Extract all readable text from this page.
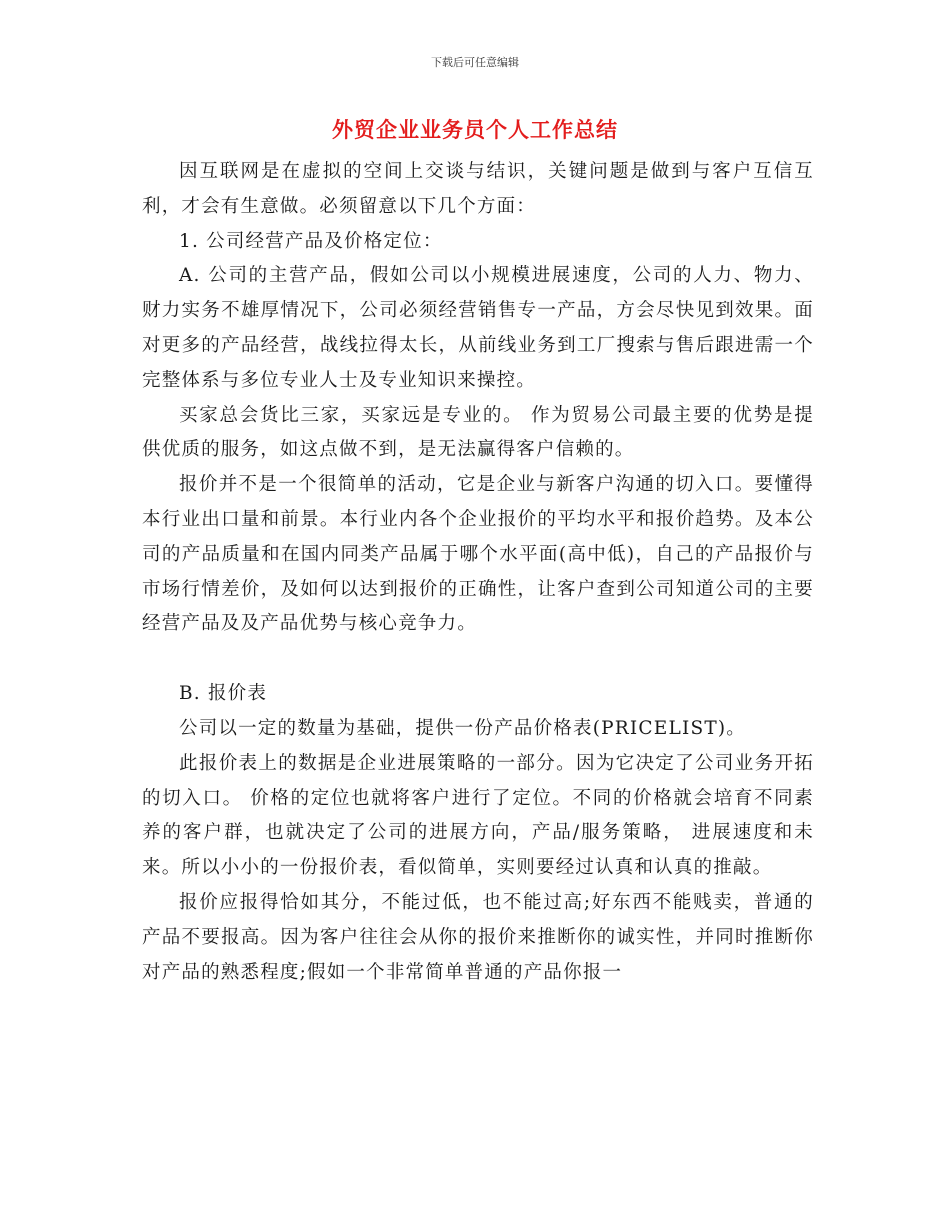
下载后可任意编辑
外贸企业业务员个人工作总结

因互联网是在虚拟的空间上交谈与结识，关键问题是做到与客户互信互利，才会有生意做。必须留意以下几个方面：

1. 公司经营产品及价格定位：

A. 公司的主营产品，假如公司以小规模进展速度，公司的人力、物力、财力实务不雄厚情况下，公司必须经营销售专一产品，方会尽快见到效果。面对更多的产品经营，战线拉得太长，从前线业务到工厂搜索与售后跟进需一个完整体系与多位专业人士及专业知识来操控。

买家总会货比三家，买家远是专业的。 作为贸易公司最主要的优势是提供优质的服务，如这点做不到，是无法赢得客户信赖的。

报价并不是一个很简单的活动，它是企业与新客户沟通的切入口。要懂得本行业出口量和前景。本行业内各个企业报价的平均水平和报价趋势。及本公司的产品质量和在国内同类产品属于哪个水平面(高中低)，自己的产品报价与市场行情差价，及如何以达到报价的正确性，让客户查到公司知道公司的主要经营产品及及产品优势与核心竞争力。

B. 报价表

公司以一定的数量为基础，提供一份产品价格表(PRICELIST)。

此报价表上的数据是企业进展策略的一部分。因为它决定了公司业务开拓的切入口。 价格的定位也就将客户进行了定位。不同的价格就会培育不同素养的客户群，也就决定了公司的进展方向，产品/服务策略， 进展速度和未来。所以小小的一份报价表，看似简单，实则要经过认真和认真的推敲。

报价应报得恰如其分，不能过低，也不能过高;好东西不能贱卖，普通的产品不要报高。因为客户往往会从你的报价来推断你的诚实性，并同时推断你对产品的熟悉程度;假如一个非常简单普通的产品你报一
